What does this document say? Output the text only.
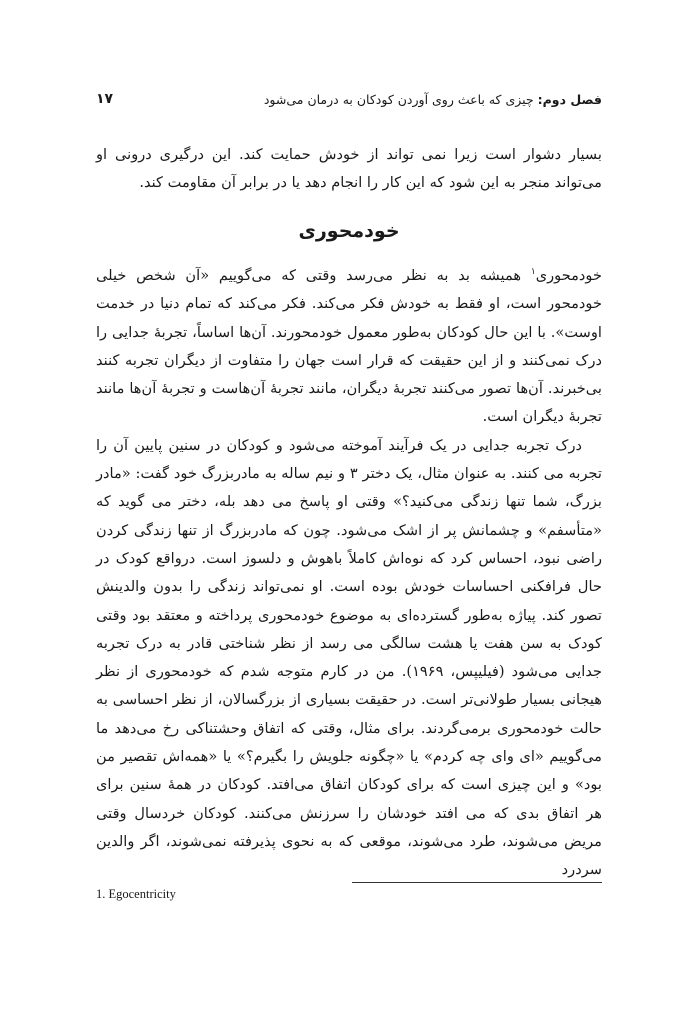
فصل دوم: چیزی که باعث روی آوردن کودکان به درمان می‌شود
۱۷

بسیار دشوار است زیرا نمی تواند از خودش حمایت کند. این درگیری درونی او می‌تواند منجر به این شود که این کار را انجام دهد یا در برابر آن مقاومت کند.

خودمحوری

خودمحوری$^۱$ همیشه بد به نظر می‌رسد وقتی که می‌گوییم «آن شخص خیلی خودمحور است، او فقط به خودش فکر می‌کند. فکر می‌کند که تمام دنیا در خدمت اوست». با این حال کودکان به‌طور معمول خودمحورند. آن‌ها اساساً، تجربهٔ جدایی را درک نمی‌کنند و از این حقیقت که قرار است جهان را متفاوت از دیگران تجربه کنند بی‌خبرند. آن‌ها تصور می‌کنند تجربهٔ دیگران، مانند تجربهٔ آن‌هاست و تجربهٔ آن‌ها مانند تجربهٔ دیگران است.

درک تجربه جدایی در یک فرآیند آموخته می‌شود و کودکان در سنین پایین آن را تجربه می کنند. به عنوان مثال، یک دختر ۳ و نیم ساله به مادربزرگ خود گفت: «مادر بزرگ، شما تنها زندگی می‌کنید؟» وقتی او پاسخ می دهد بله، دختر می گوید که «متأسفم» و چشمانش پر از اشک می‌شود. چون که مادربزرگ از تنها زندگی کردن راضی نبود، احساس کرد که نوه‌اش کاملاً باهوش و دلسوز است. درواقع کودک در حال فرافکنی احساسات خودش بوده است. او نمی‌تواند زندگی را بدون والدینش تصور کند. پیاژه به‌طور گسترده‌ای به موضوع خودمحوری پرداخته و معتقد بود وقتی کودک به سن هفت یا هشت سالگی می رسد از نظر شناختی قادر به درک تجربه جدایی می‌شود (فیلیپس، ۱۹۶۹). من در کارم متوجه شدم که خودمحوری از نظر هیجانی بسیار طولانی‌تر است. در حقیقت بسیاری از بزرگسالان، از نظر احساسی به حالت خودمحوری برمی‌گردند. برای مثال، وقتی که اتفاق وحشتناکی رخ می‌دهد ما می‌گوییم «ای وای چه کردم» یا «چگونه جلویش را بگیرم؟» یا «همه‌اش تقصیر من بود» و این چیزی است که برای کودکان اتفاق می‌افتد. کودکان در همهٔ سنین برای هر اتفاق بدی که می افتد خودشان را سرزنش می‌کنند. کودکان خردسال وقتی مریض می‌شوند، طرد می‌شوند، موقعی که به نحوی پذیرفته نمی‌شوند، اگر والدین سردرد

1. Egocentricity
